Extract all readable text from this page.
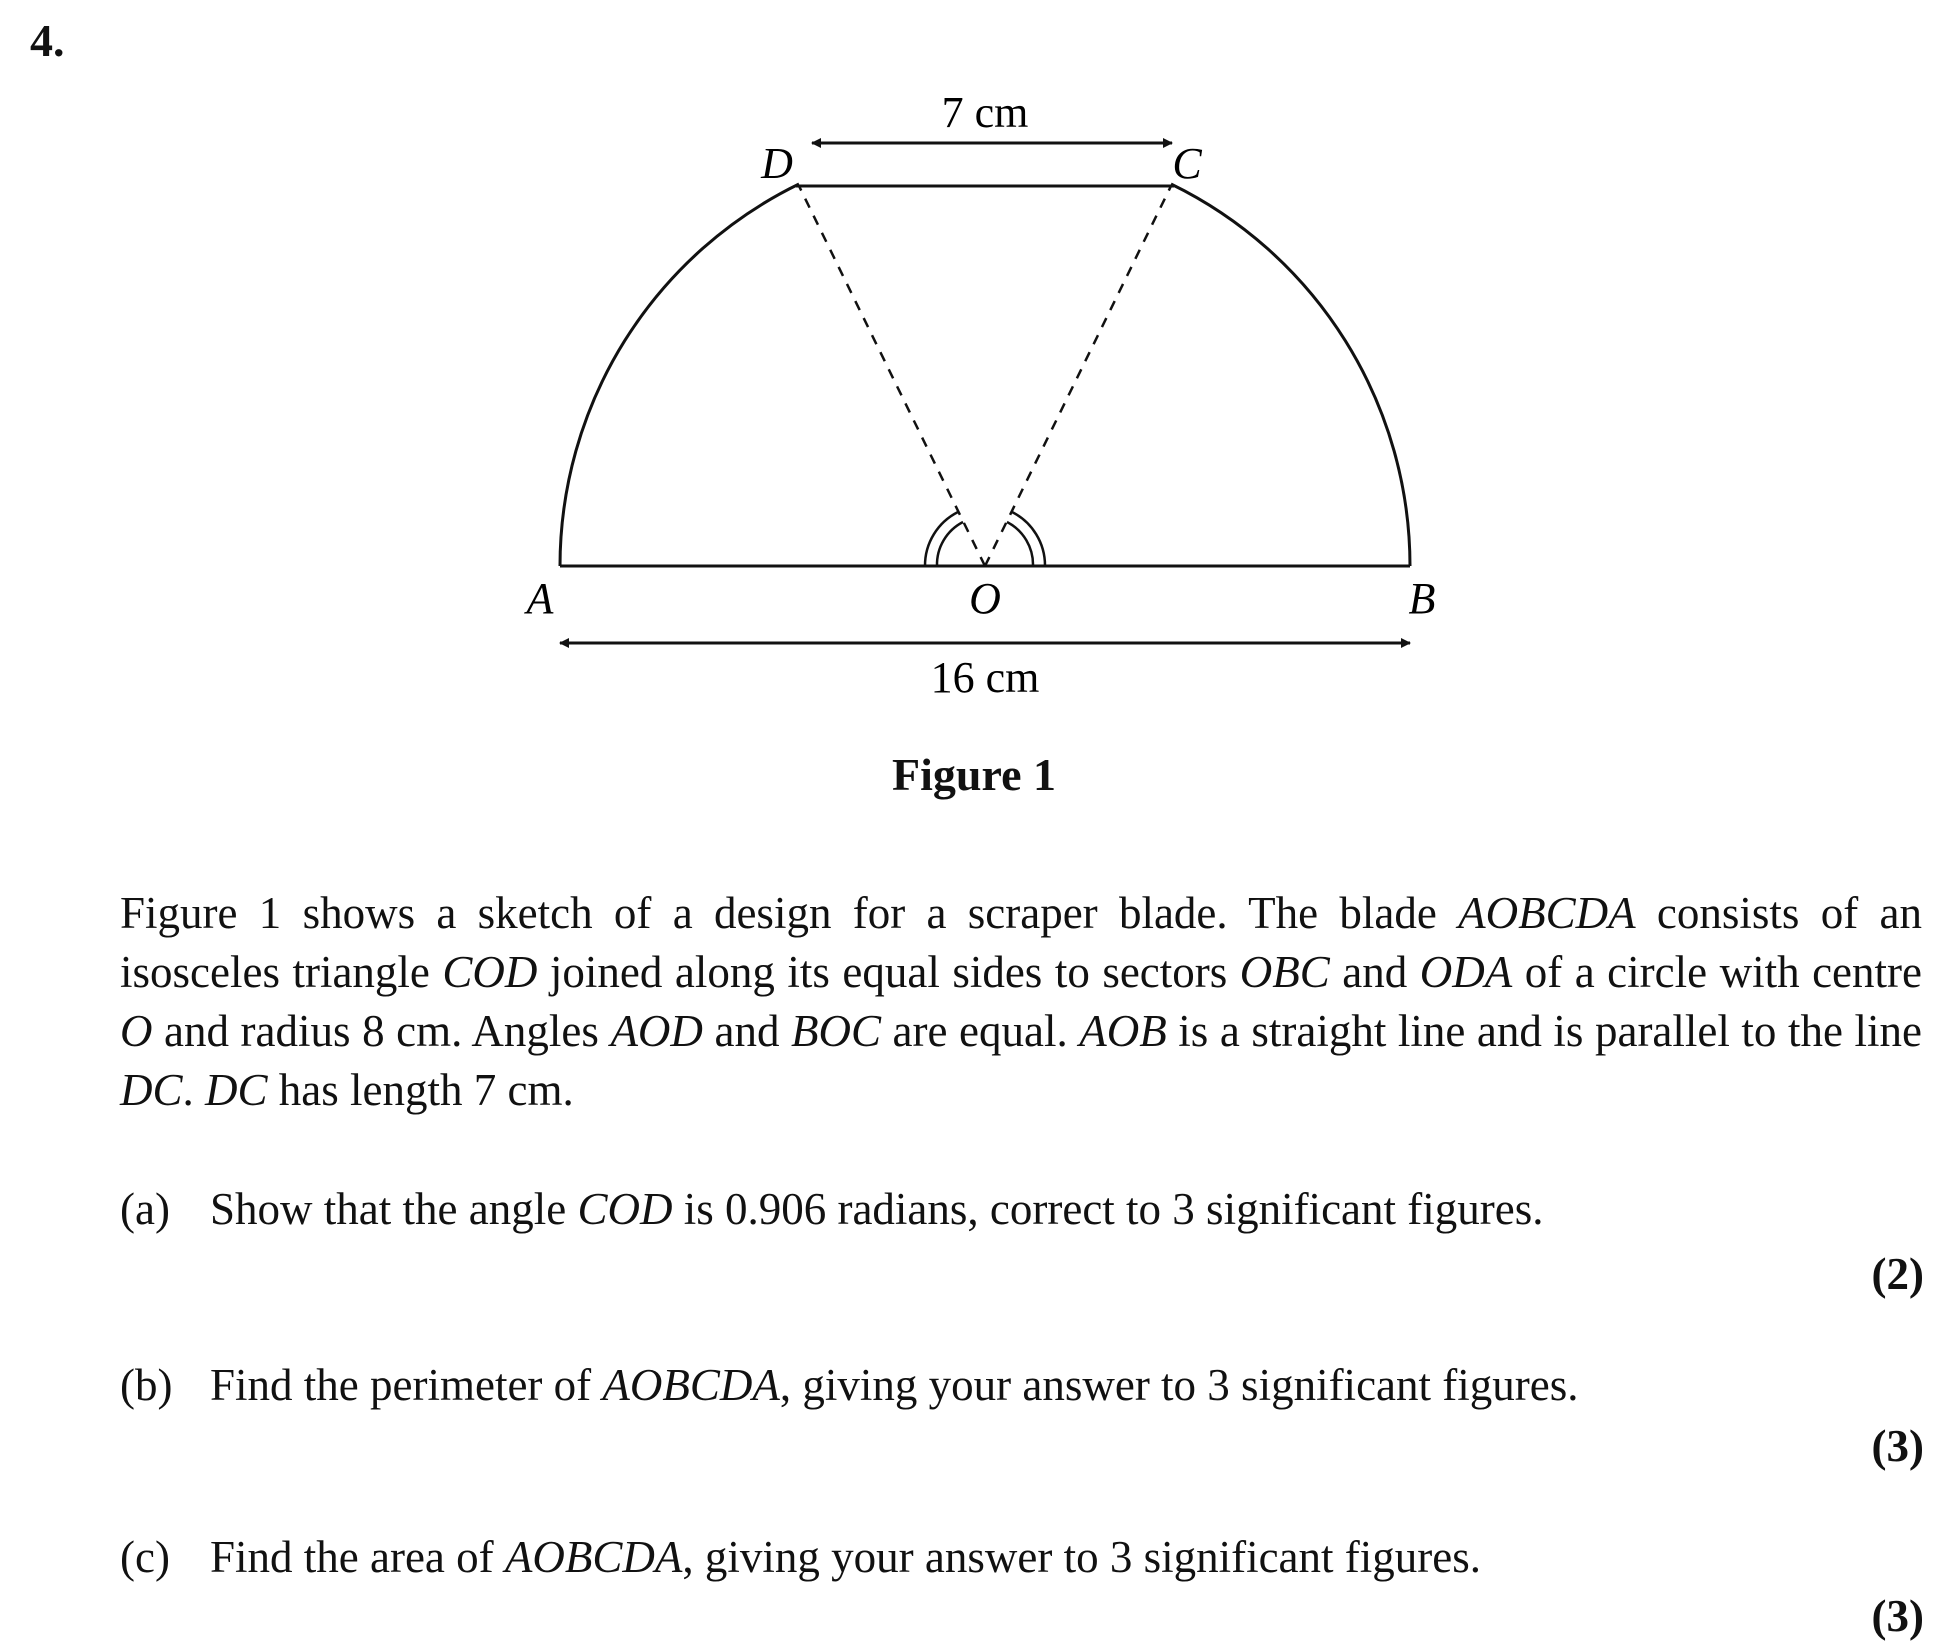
4.
7 cm
16 cm
D	C
A	O	B
Figure 1
Figure 1 shows a sketch of a design for a scraper blade. The blade AOBCDA consists of an isosceles triangle COD joined along its equal sides to sectors OBC and ODA of a circle with centre O and radius 8 cm. Angles AOD and BOC are equal. AOB is a straight line and is parallel to the line DC. DC has length 7 cm.
(a) Show that the angle COD is 0.906 radians, correct to 3 significant figures.
(2)
(b) Find the perimeter of AOBCDA, giving your answer to 3 significant figures.
(3)
(c) Find the area of AOBCDA, giving your answer to 3 significant figures.
(3)
